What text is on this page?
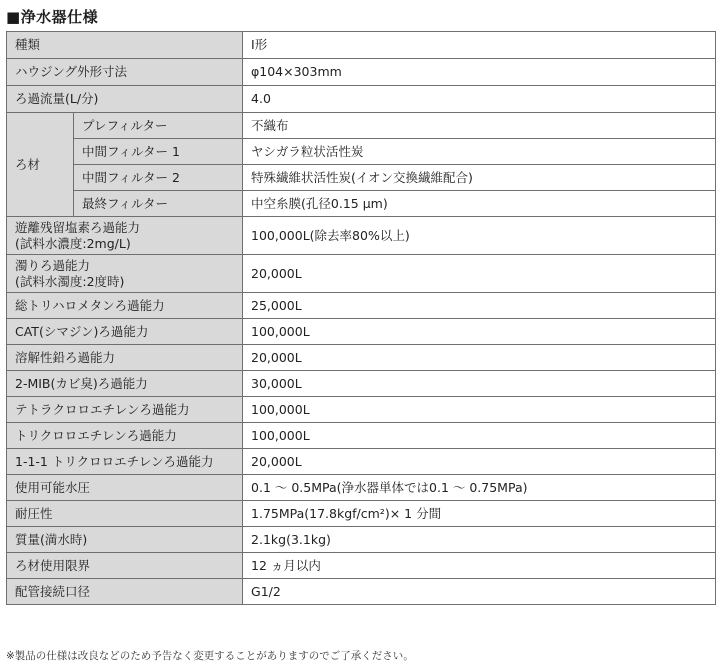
■浄水器仕様
種類		Ⅰ形
ハウジング外形寸法		φ104×303mm
ろ過流量(L/分)		4.0
ろ材	プレフィルター	不織布
	中間フィルター 1	ヤシガラ粒状活性炭
	中間フィルター 2	特殊繊維状活性炭(イオン交換繊維配合)
	最終フィルター	中空糸膜(孔径0.15 μm)

遊離残留塩素ろ過能力
(試料水濃度:2mg/L)		100,000L(除去率80%以上)

濁りろ過能力
(試料水濁度:2度時)		20,000L
総トリハロメタンろ過能力		25,000L
CAT(シマジン)ろ過能力		100,000L
溶解性鉛ろ過能力		20,000L
2-MIB(カビ臭)ろ過能力		30,000L
テトラクロロエチレンろ過能力		100,000L
トリクロロエチレンろ過能力		100,000L
1-1-1 トリクロロエチレンろ過能力		20,000L
使用可能水圧		0.1 ～ 0.5MPa(浄水器単体では0.1 ～ 0.75MPa)
耐圧性		1.75MPa(17.8kgf/cm²)× 1 分間
質量(満水時)		2.1kg(3.1kg)
ろ材使用限界		12 ヵ月以内
配管接続口径		G1/2
※製品の仕様は改良などのため予告なく変更することがありますのでご了承ください。
